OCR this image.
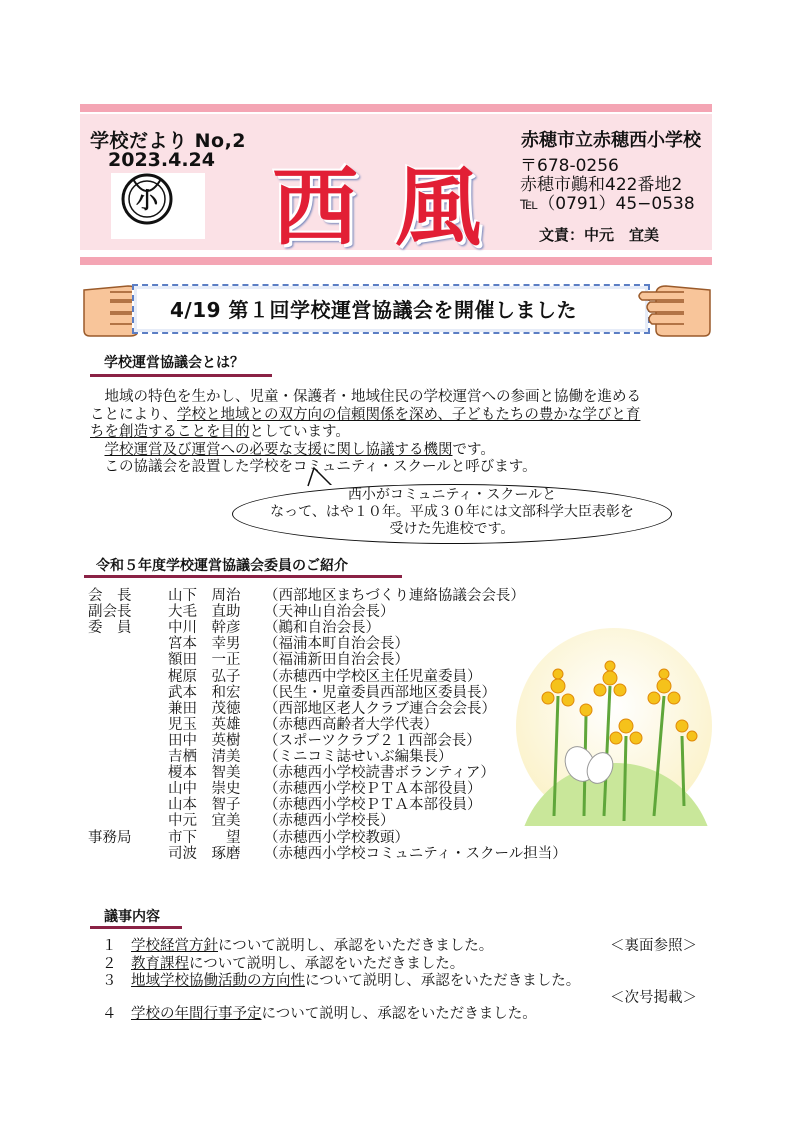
小
学校だより No,2
2023.4.24 西 風
赤穂市立赤穂西小学校
〒678-0256
赤穂市鷆和422番地2
℡（0791）45−0538
文責：中元　宜美
4/19 第１回学校運営協議会を開催しました
学校運営協議会とは？
　地域の特色を生かし、児童・保護者・地域住民の学校運営への参画と協働を進める
ことにより、学校と地域との双方向の信頼関係を深め、子どもたちの豊かな学びと育
ちを創造することを目的としています。
　学校運営及び運営への必要な支援に関し協議する機関です。
　この協議会を設置した学校をコミュニティ・スクールと呼びます。
西小がコミュニティ・スクールと
なって、はや１０年。平成３０年には文部科学大臣表彰を
受けた先進校です。
令和５年度学校運営協議会委員のご紹介
会　長	山下　周治 （西部地区まちづくり連絡協議会会長）
副会長	大毛　直助 （天神山自治会長）
委　員	中川　幹彦 （鷆和自治会長）
宮本　幸男 （福浦本町自治会長）
額田　一正 （福浦新田自治会長）
梶原　弘子 （赤穂西中学校区主任児童委員）
武本　和宏 （民生・児童委員西部地区委員長）
兼田　茂徳 （西部地区老人クラブ連合会会長）
児玉　英雄 （赤穂西高齢者大学代表）
田中　英樹 （スポーツクラブ２１西部会長）
吉栖　清美 （ミニコミ誌せいぶ編集長）
榎本　智美 （赤穂西小学校読書ボランティア）
山中　崇史 （赤穂西小学校ＰＴＡ本部役員）
山本　智子 （赤穂西小学校ＰＴＡ本部役員）
中元　宜美 （赤穂西小学校長）
事務局	市下　　望 （赤穂西小学校教頭）
司波　琢磨 （赤穂西小学校コミュニティ・スクール担当）
議事内容
１　 学校経営方針について説明し、承認をいただきました。	＜裏面参照＞
２　 教育課程について説明し、承認をいただきました。
３　 地域学校協働活動の方向性について説明し、承認をいただきました。
＜次号掲載＞
４　 学校の年間行事予定について説明し、承認をいただきました。
